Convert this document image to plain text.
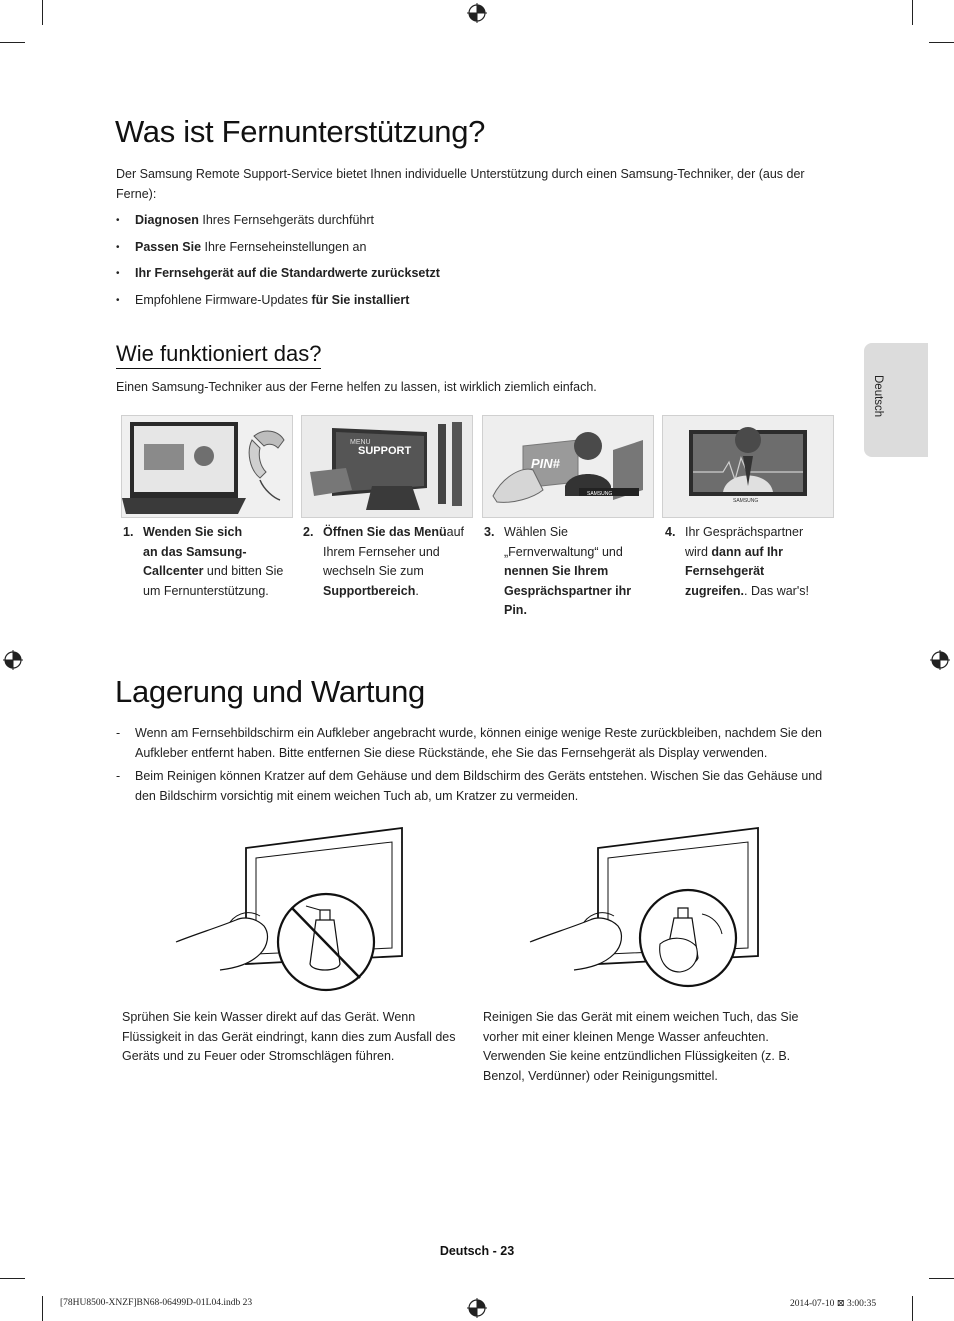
Was ist Fernunterstützung?
Der Samsung Remote Support-Service bietet Ihnen individuelle Unterstützung durch einen Samsung-Techniker, der (aus der
Ferne):
• Diagnosen Ihres Fernsehgeräts durchführt
• Passen Sie Ihre Fernseheinstellungen an
• Ihr Fernsehgerät auf die Standardwerte zurücksetzt
• Empfohlene Firmware-Updates für Sie installiert
Wie funktioniert das?
Einen Samsung-Techniker aus der Ferne helfen zu lassen, ist wirklich ziemlich einfach.
MENU
SUPPORT
PIN#
SAMSUNG
SAMSUNG
1. Wenden Sie sich
an das Samsung-
Callcenter und bitten Sie
um Fernunterstützung.
2. Öffnen Sie das Menüauf
Ihrem Fernseher und
wechseln Sie zum
Supportbereich.
3. Wählen Sie
„Fernverwaltung“ und
nennen Sie Ihrem
Gesprächspartner ihr
Pin.
4. Ihr Gesprächspartner
wird dann auf Ihr
Fernsehgerät
zugreifen.. Das war's!
Lagerung und Wartung
- Wenn am Fernsehbildschirm ein Aufkleber angebracht wurde, können einige wenige Reste zurückbleiben, nachdem Sie den Aufkleber entfernt haben. Bitte entfernen Sie diese Rückstände, ehe Sie das Fernsehgerät als Display verwenden.
- Beim Reinigen können Kratzer auf dem Gehäuse und dem Bildschirm des Geräts entstehen. Wischen Sie das Gehäuse und den Bildschirm vorsichtig mit einem weichen Tuch ab, um Kratzer zu vermeiden.
Sprühen Sie kein Wasser direkt auf das Gerät. Wenn Flüssigkeit in das Gerät eindringt, kann dies zum Ausfall des Geräts und zu Feuer oder Stromschlägen führen.
Reinigen Sie das Gerät mit einem weichen Tuch, das Sie vorher mit einer kleinen Menge Wasser anfeuchten. Verwenden Sie keine entzündlichen Flüssigkeiten (z. B. Benzol, Verdünner) oder Reinigungsmittel.
Deutsch
Deutsch - 23
[78HU8500-XNZF]BN68-06499D-01L04.indb 23	2014-07-10 ⊠ 3:00:35
